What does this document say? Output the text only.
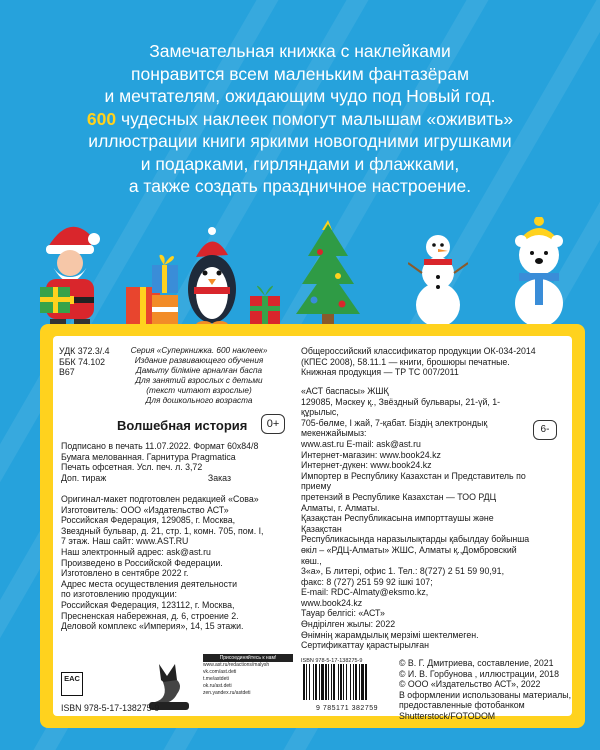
Замечательная книжка с наклейками
понравится всем маленьким фантазёрам
и мечтателям, ожидающим чудо под Новый год.
600 чудесных наклеек помогут малышам «оживить»
иллюстрации книги яркими новогодними игрушками
и подарками, гирляндами и флажками,
а также создать праздничное настроение.
УДК 372.3/.4
ББК 74.102
В67
Серия «Суперкнижка. 600 наклеек»
Издание развивающего обучения
Дамыту біліміне арналған баспа
Для занятий взрослых с детьми
(текст читают взрослые)
Для дошкольного возраста
Общероссийский классификатор продукции ОК-034-2014
(КПЕС 2008), 58.11.1 — книги, брошюры печатные.
Книжная продукция — ТР ТС 007/2011
Волшебная история	0+	6-
Подписано в печать 11.07.2022. Формат 60x84/8
Бумага мелованная. Гарнитура Pragmatica
Печать офсетная. Усл. печ. л. 3,72
Доп. тираж	Заказ
Оригинал-макет подготовлен редакцией «Сова»
Изготовитель: ООО «Издательство АСТ»
Российская Федерация, 129085, г. Москва,
Звездный бульвар, д. 21, стр. 1, комн. 705, пом. I,
7 этаж. Наш сайт: www.AST.RU
Наш электронный адрес: ask@ast.ru
Произведено в Российской Федерации.
Изготовлено в сентябре 2022 г.
Адрес места осуществления деятельности
по изготовлению продукции:
Российская Федерация, 123112, г. Москва,
Пресненская набережная, д. 6, строение 2.
Деловой комплекс «Империя», 14, 15 этажи.
«АСТ баспасы» ЖШҚ
129085, Мәскеу қ., Звёздный бульвары, 21-үй, 1-құрылыс,
705-бөлме, I жай, 7-қабат. Біздің электрондық мекенжайымыз:
www.ast.ru E-mail: ask@ast.ru
Интернет-магазин: www.book24.kz
Интернет-дүкен: www.book24.kz
Импортер в Республику Казахстан и Представитель по приему
претензий в Республике Казахстан — ТОО РДЦ Алматы, г. Алматы.
Қазақстан Республикасына импорттаушы және Қазақстан
Республикасында наразылықтарды қабылдау бойынша
өкіл – «РДЦ-Алматы» ЖШС, Алматы қ.,Домбровский көш.,
3«а», Б литері, офис 1. Тел.: 8(727) 2 51 59 90,91,
факс: 8 (727) 251 59 92 ішкі 107;
E-mail: RDC-Almaty@eksmo.kz,
www.book24.kz
Тауар белгісі: «АСТ»
Өндірілген жылы: 2022
Өнімнің жарамдылық мерзімі шектелмеген.
Сертификаттау қарастырылған
Присоединяйтесь к нам!
www.ast.ru/redactions/malysh
vk.com/ast.deti
t.me/astdeti
ok.ru/ast.deti
zen.yandex.ru/astdeti
EAC
ISBN 978-5-17-138275-9
ISBN 978-5-17-138275-9
9 785171 382759
© В. Г. Дмитриева, составление, 2021
© И. В. Горбунова , иллюстрации, 2018
© ООО «Издательство АСТ», 2022
В оформлении использованы материалы,
предоставленные фотобанком
Shutterstock/FOTODOM
